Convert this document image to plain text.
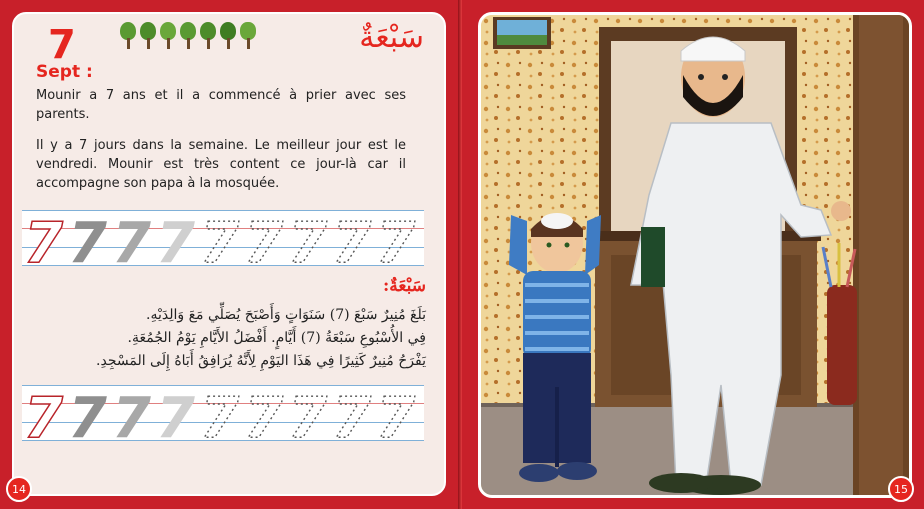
7	سَبْعَةٌ
Sept :
Mounir a 7 ans et il a commencé à prier avec ses parents.
Il y a 7 jours dans la semaine. Le meilleur jour est le vendredi. Mounir est très content ce jour-là car il accompagne son papa à la mosquée.
7 7 7 7 7 7 7 7 7
سَبْعَةٌ:
بَلَغَ مُنِيرٌ سَبْعَ (7) سَنَوَاتٍ وَأَصْبَحَ يُصَلِّي مَعَ وَالِدَيْهِ.
فِي الأُسْبُوعِ سَبْعَةُ (7) أَيَّامٍ. أَفْضَلُ الأَيَّامِ يَوْمُ الجُمُعَةِ.
يَفْرَحُ مُنِيرٌ كَثِيرًا فِي هَذَا اليَوْمِ لِأَنَّهُ يُرَافِقُ أَبَاهُ إِلَى المَسْجِدِ.
7 7 7 7 7 7 7 7 7
14	15
